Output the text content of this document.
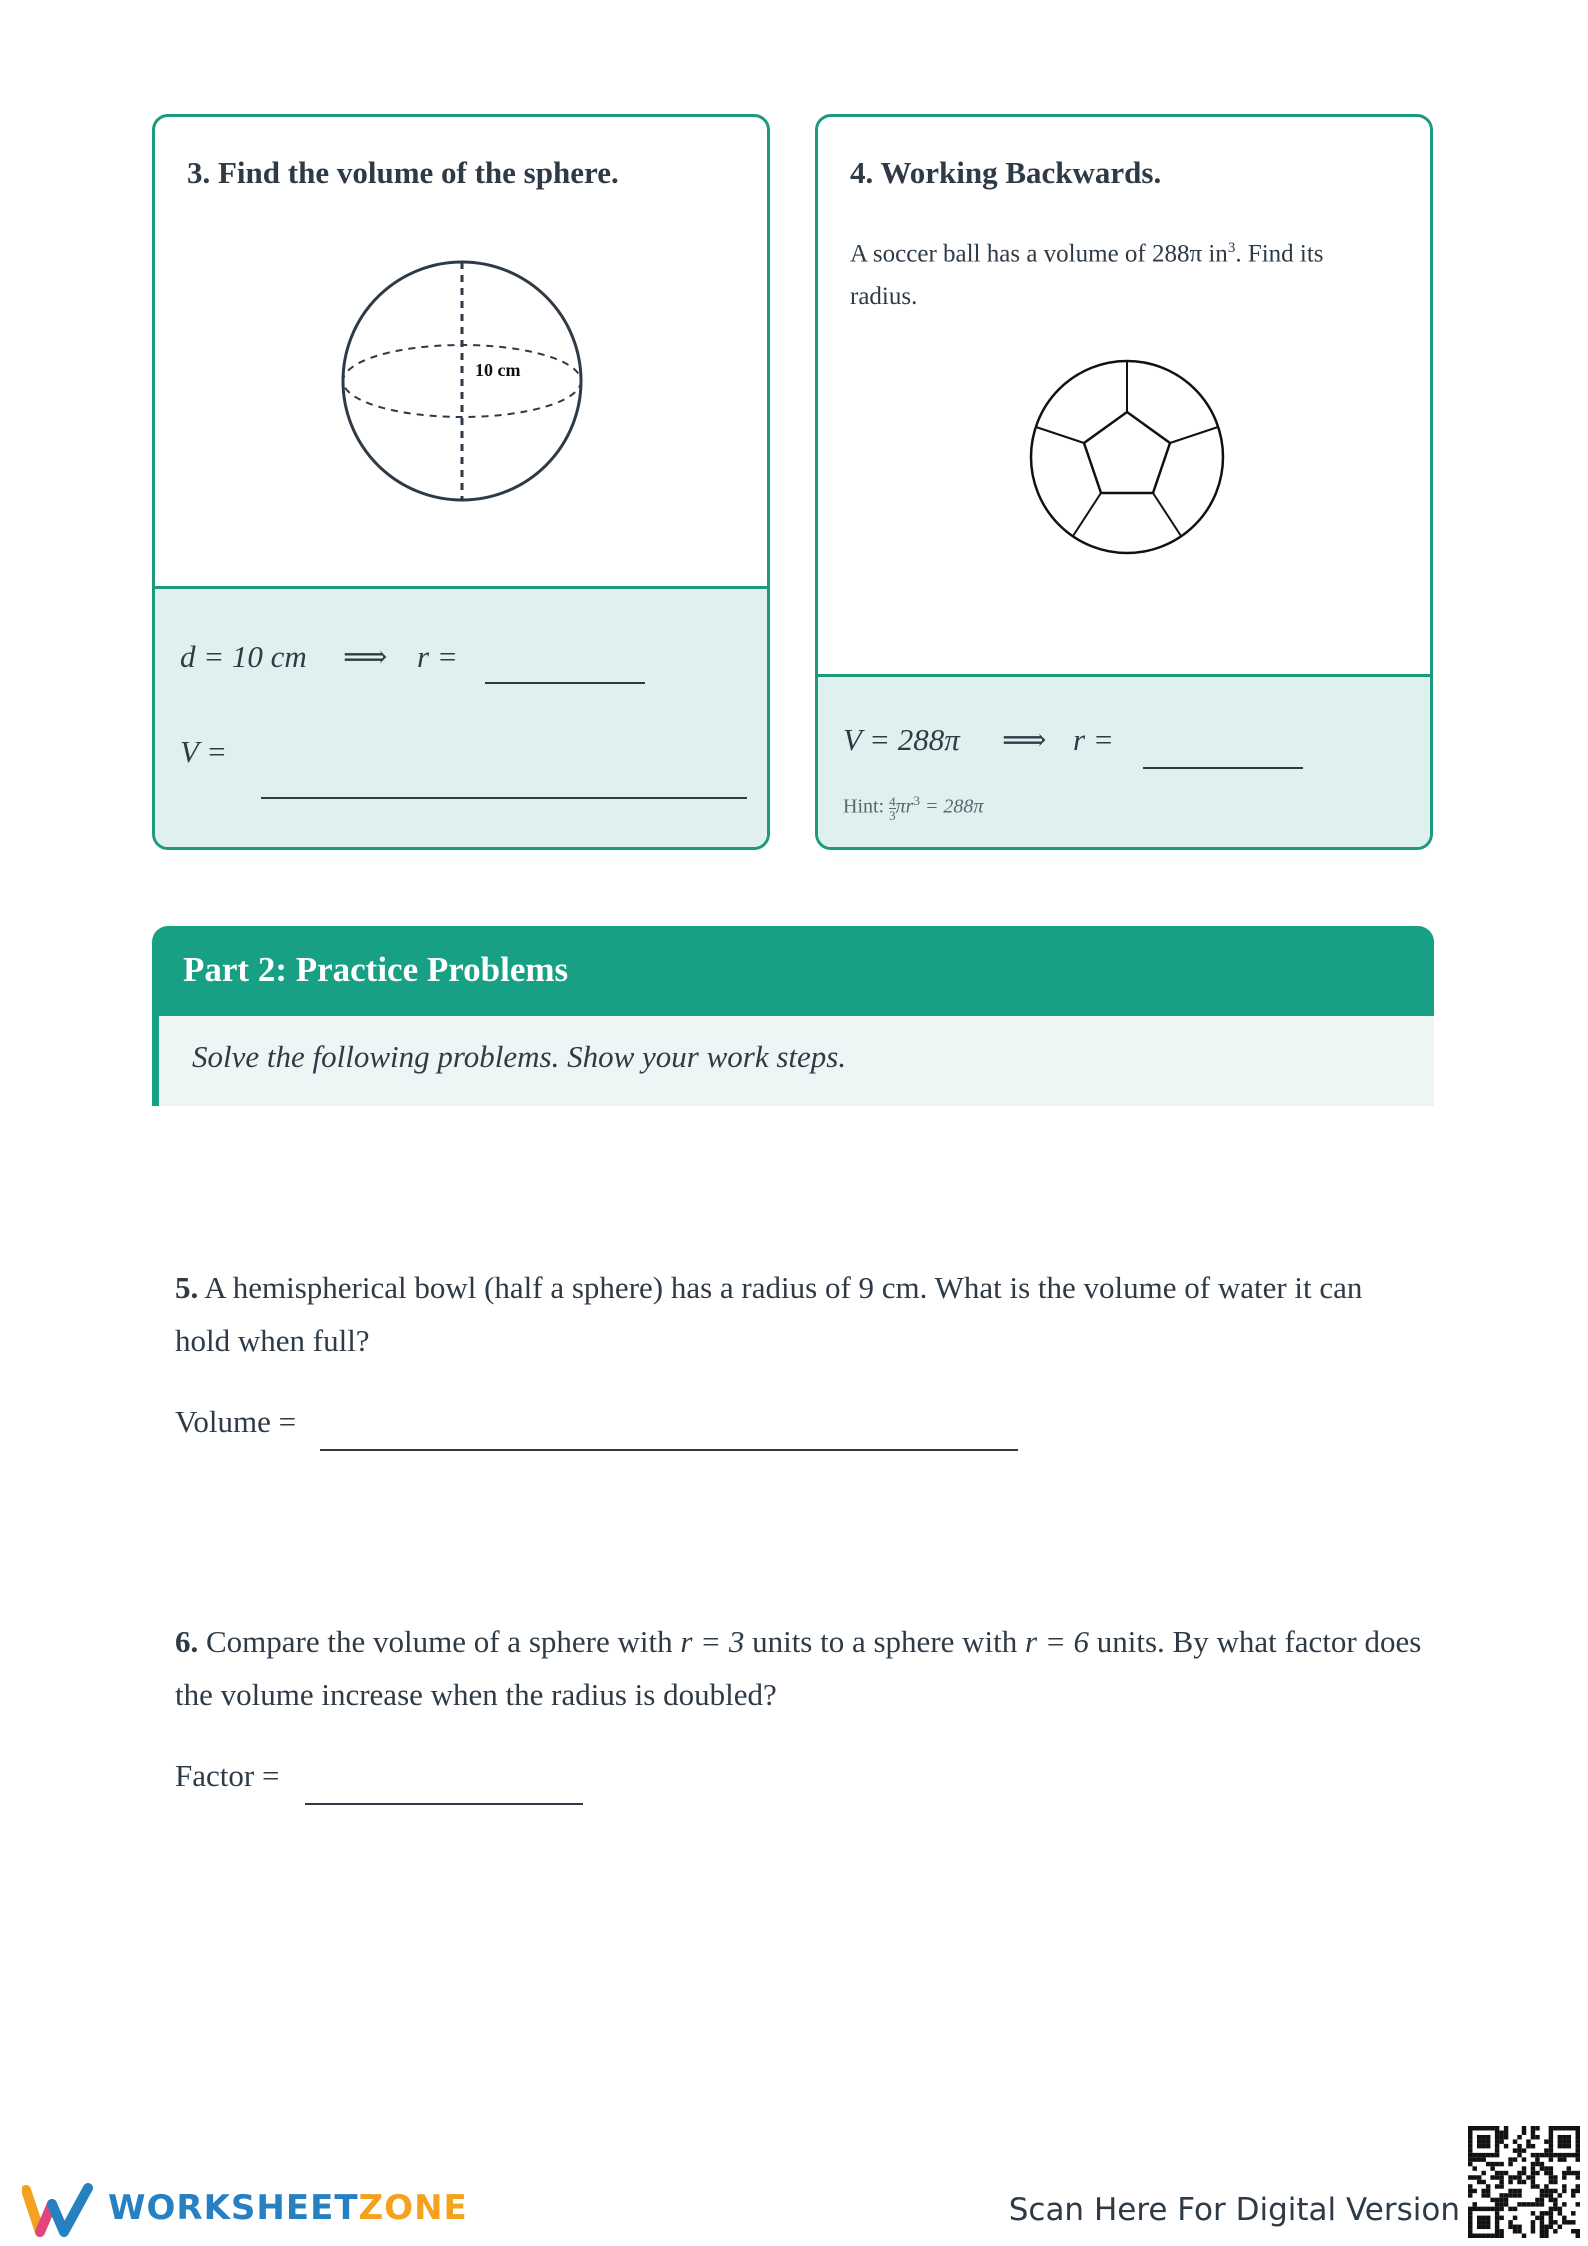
3. Find the volume of the sphere.
10 cm
d = 10 cm ⟹ r =
V =
4. Working Backwards.

A soccer ball has a volume of 288π $in^3$. Find its radius.

V = 288π ⟹ r =
Hint: $\frac{4}{3} \pi r^3 = 288\pi$
Part 2: Practice Problems

Solve the following problems. Show your work steps.

5. A hemispherical bowl (half a sphere) has a radius of 9 cm. What is the volume of water it can hold when full?

Volume =

6. Compare the volume of a sphere with r = 3 units to a sphere with r = 6 units. By what factor does the volume increase when the radius is doubled?

Factor =
WORKSHEETZONE	Scan Here For Digital Version
